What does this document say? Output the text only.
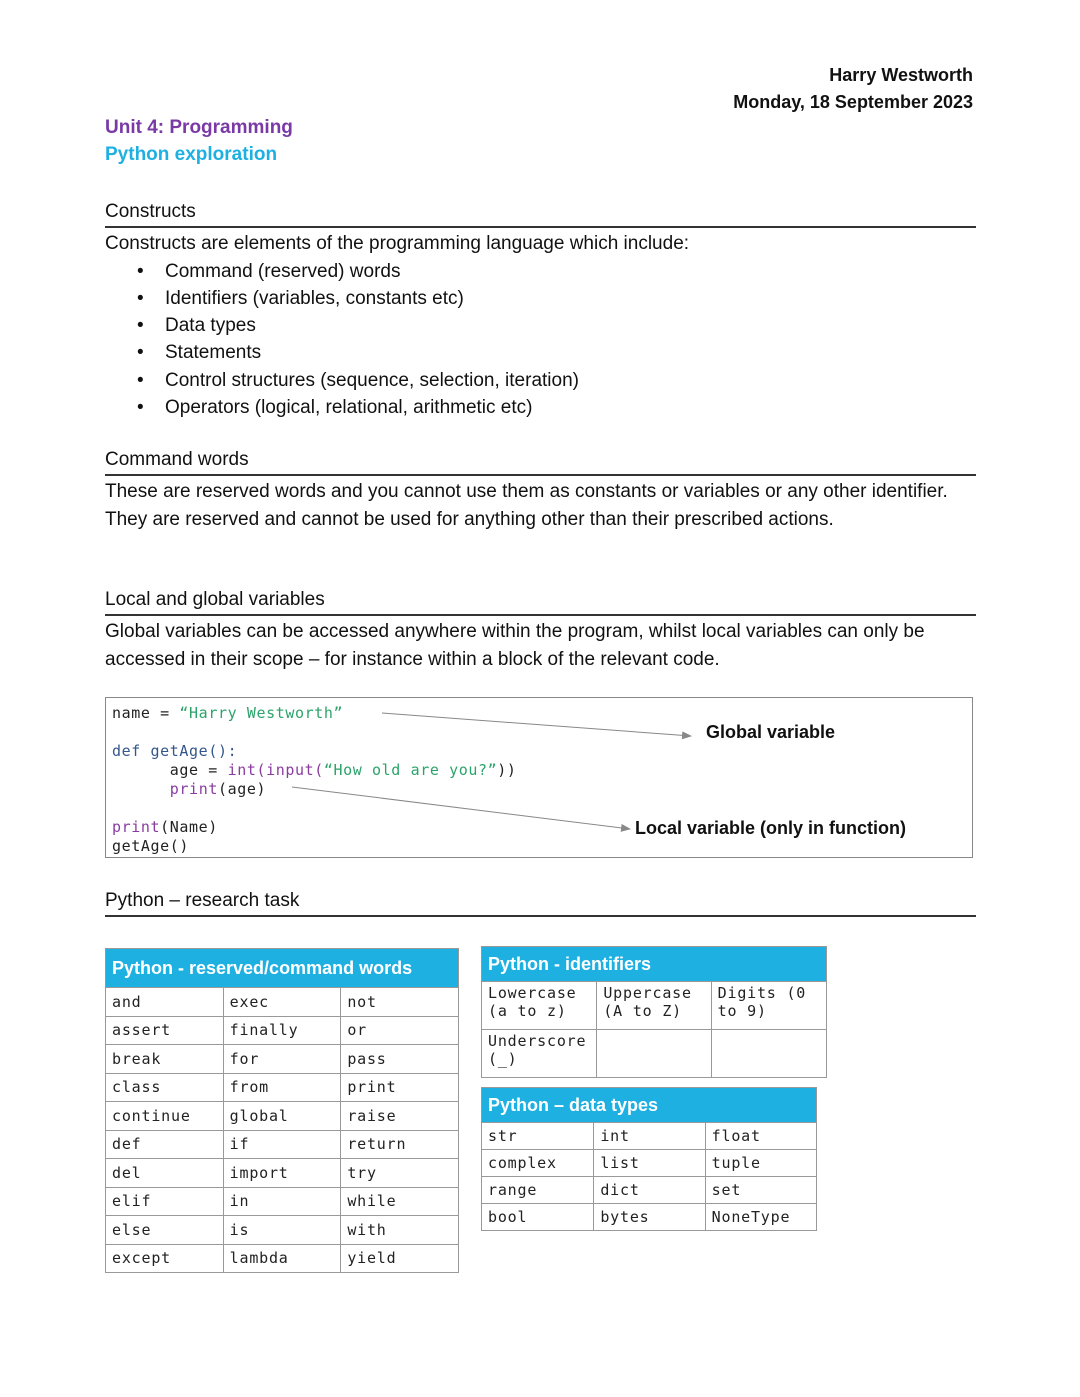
Harry Westworth
Monday, 18 September 2023
Unit 4: Programming
Python exploration
Constructs
Constructs are elements of the programming language which include:
• Command (reserved) words
• Identifiers (variables, constants etc)
• Data types
• Statements
• Control structures (sequence, selection, iteration)
• Operators (logical, relational, arithmetic etc)
Command words
These are reserved words and you cannot use them as constants or variables or any other identifier. They are reserved and cannot be used for anything other than their prescribed actions.
Local and global variables
Global variables can be accessed anywhere within the program, whilst local variables can only be accessed in their scope – for instance within a block of the relevant code.
name = “Harry Westworth”

def getAge():
age = int(input(“How old are you?”))
print(age)

print(Name)
getAge()
Global variable
Local variable (only in function)
Python – research task
Python - reserved/command words		
and	exec	not
assert	finally	or
break	for	pass
class	from	print
continue	global	raise
def	if	return
del	import	try
elif	in	while
else	is	with
except	lambda	yield
Python - identifiers		
Lowercase (a to z)	Uppercase (A to Z)	Digits (0 to 9)
Underscore (_)		
Python – data types		
str	int	float
complex	list	tuple
range	dict	set
bool	bytes	NoneType
